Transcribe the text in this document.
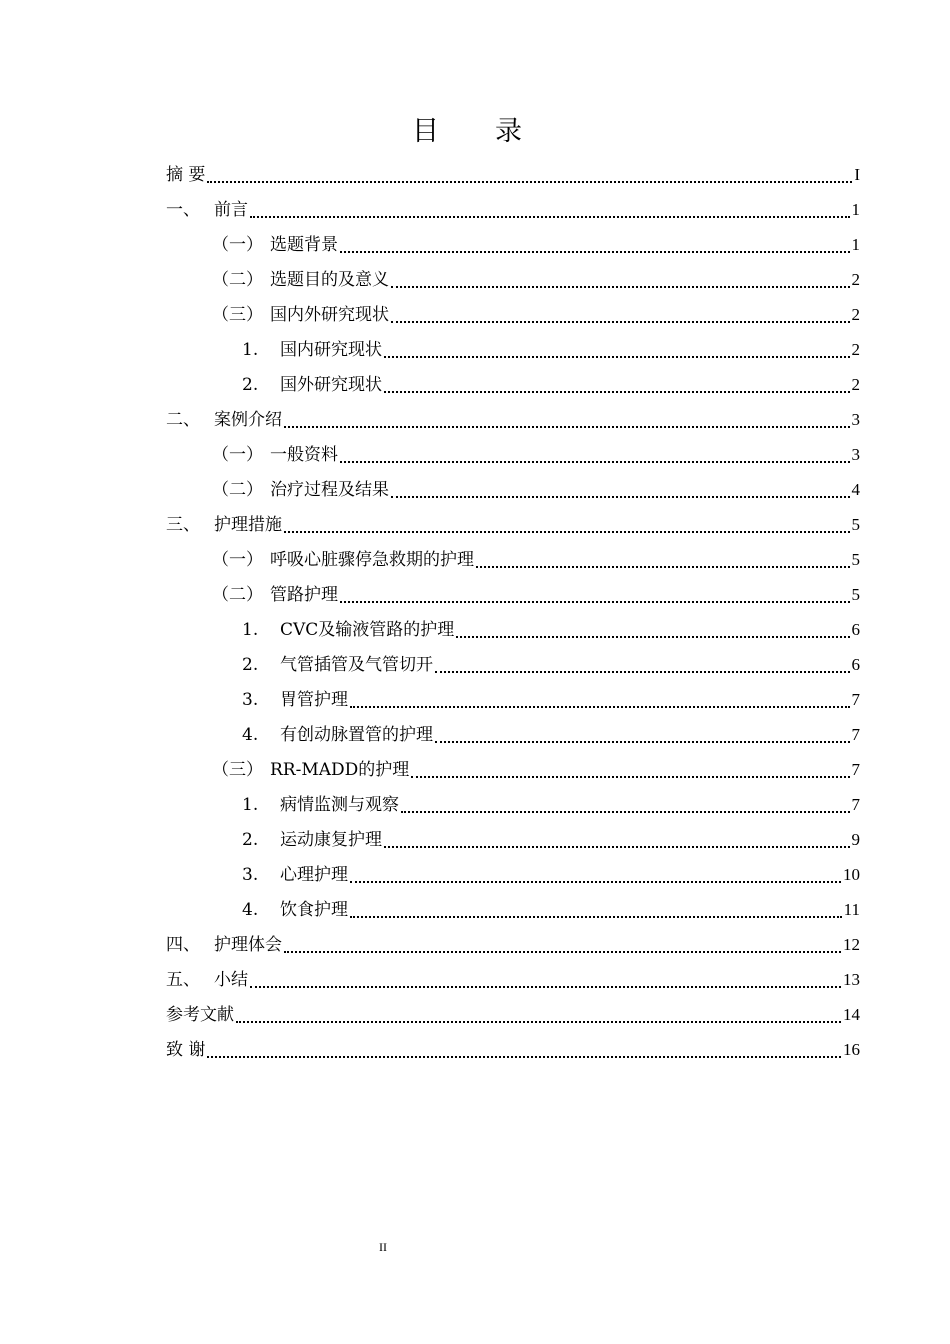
目录
摘 要	I
一、 前言	1
（一） 选题背景	1
（二） 选题目的及意义	2
（三） 国内外研究现状	2
1.	国内研究现状	2
2.	国外研究现状	2
二、 案例介绍	3
（一） 一般资料	3
（二） 治疗过程及结果	4
三、 护理措施	5
（一） 呼吸心脏骤停急救期的护理	5
（二） 管路护理	5
1.	CVC及输液管路的护理	6
2.	气管插管及气管切开	6
3.	胃管护理	7
4.	有创动脉置管的护理	7
（三） RR-MADD的护理	7
1.	病情监测与观察	7
2.	运动康复护理	9
3.	心理护理	10
4.	饮食护理	11
四、 护理体会	12
五、 小结	13
参考文献	14
致 谢	16
II
